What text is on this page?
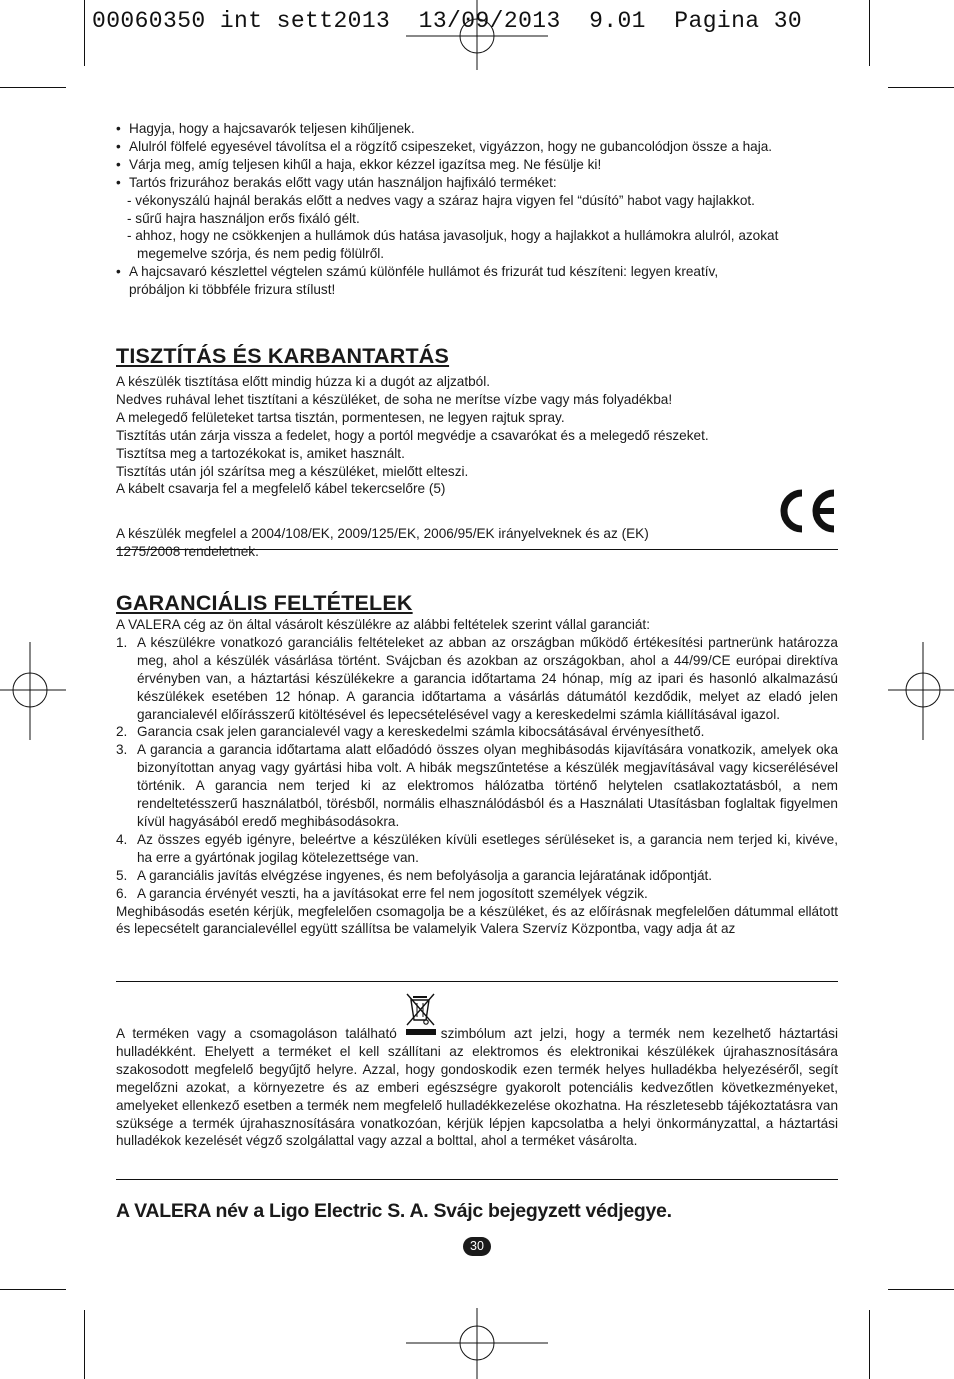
00060350 int sett2013  13/09/2013  9.01  Pagina 30

• Hagyja, hogy a hajcsavarók teljesen kihűljenek.

• Alulról fölfelé egyesével távolítsa el a rögzítő csipeszeket, vigyázzon, hogy ne gubancolódjon össze a haja.

• Várja meg, amíg teljesen kihűl a haja, ekkor kézzel igazítsa meg. Ne fésülje ki!

• Tartós frizurához berakás előtt vagy után használjon hajfixáló terméket:

- vékonyszálú hajnál berakás előtt a nedves vagy a száraz hajra vigyen fel “dúsító” habot vagy hajlakkot.

- sűrű hajra használjon erős fixáló gélt.

- ahhoz, hogy ne csökkenjen a hullámok dús hatása javasoljuk, hogy a hajlakkot a hullámokra alulról, azokat

megemelve szórja, és nem pedig fölülről.

• A hajcsavaró készlettel végtelen számú különféle hullámot és frizurát tud készíteni: legyen kreatív,

próbáljon ki többféle frizura stílust!

TISZTÍTÁS ÉS KARBANTARTÁS

A készülék tisztítása előtt mindig húzza ki a dugót az aljzatból.

Nedves ruhával lehet tisztítani a készüléket, de soha ne merítse vízbe vagy más folyadékba!

A melegedő felületeket tartsa tisztán, pormentesen, ne legyen rajtuk spray.

Tisztítás után zárja vissza a fedelet, hogy a portól megvédje a csavarókat és a melegedő részeket.

Tisztítsa meg a tartozékokat is, amiket használt.

Tisztítás után jól szárítsa meg a készüléket, mielőtt elteszi.

A kábelt csavarja fel a megfelelő kábel tekercselőre (5)

A készülék megfelel a 2004/108/EK, 2009/125/EK, 2006/95/EK irányelveknek és az (EK) 1275/2008 rendeletnek.

GARANCIÁLIS FELTÉTELEK

A VALERA cég az ön által vásárolt készülékre az alábbi feltételek szerint vállal garanciát:

1. A készülékre vonatkozó garanciális feltételeket az abban az országban működő értékesítési partnerünk határozza meg, ahol a készülék vásárlása történt. Svájcban és azokban az országokban, ahol a 44/99/CE európai direktíva érvényben van, a háztartási készülékekre a garancia időtartama 24 hónap, míg az ipari és hasonló alkalmazású készülékek esetében 12 hónap. A garancia időtartama a vásárlás dátumától kezdődik, melyet az eladó jelen garancialevél előírásszerű kitöltésével és lepecsételésével vagy a kereskedelmi számla kiállításával igazol.
2. Garancia csak jelen garancialevél vagy a kereskedelmi számla kibocsátásával érvényesíthető.
3. A garancia a garancia időtartama alatt előadódó összes olyan meghibásodás kijavítására vonatkozik, amelyek oka bizonyítottan anyag vagy gyártási hiba volt. A hibák megszűntetése a készülék megjavításával vagy kicserélésével történik. A garancia nem terjed ki az elektromos hálózatba történő helytelen csatlakoztatásból, a nem rendeltetésszerű használatból, törésből, normális elhasználódásból és a Használati Utasításban foglaltak figyelmen kívül hagyásából eredő meghibásodásokra.
4. Az összes egyéb igényre, beleértve a készüléken kívüli esetleges sérüléseket is, a garancia nem terjed ki, kivéve, ha erre a gyártónak jogilag kötelezettsége van.
5. A garanciális javítás elvégzése ingyenes, és nem befolyásolja a garancia lejáratának időpontját.
6. A garancia érvényét veszti, ha a javításokat erre fel nem jogosított személyek végzik.

Meghibásodás esetén kérjük, megfelelően csomagolja be a készüléket, és az előírásnak megfelelően dátummal ellátott és lepecsételt garancialevéllel együtt szállítsa be valamelyik Valera Szervíz Központba, vagy adja át az

A terméken vagy a csomagoláson található	szimbólum azt jelzi, hogy a termék nem kezelhető háztartási hulladékként. Ehelyett a terméket el kell szállítani az elektromos és elektronikai készülékek újrahasznosítására szakosodott megfelelő begyűjtő helyre. Azzal, hogy gondoskodik ezen termék helyes hulladékba helyezéséről, segít megelőzni azokat, a környezetre és az emberi egészségre gyakorolt potenciális kedvezőtlen következményeket, amelyeket ellenkező esetben a termék nem megfelelő hulladékkezelése okozhatna. Ha részletesebb tájékoztatásra van szüksége a termék újrahasznosítására vonatkozóan, kérjük lépjen kapcsolatba a helyi önkormányzattal, a háztartási hulladékok kezelését végző szolgálattal vagy azzal a bolttal, ahol a terméket vásárolta.

A VALERA név a Ligo Electric S. A. Svájc bejegyzett védjegye.
30
